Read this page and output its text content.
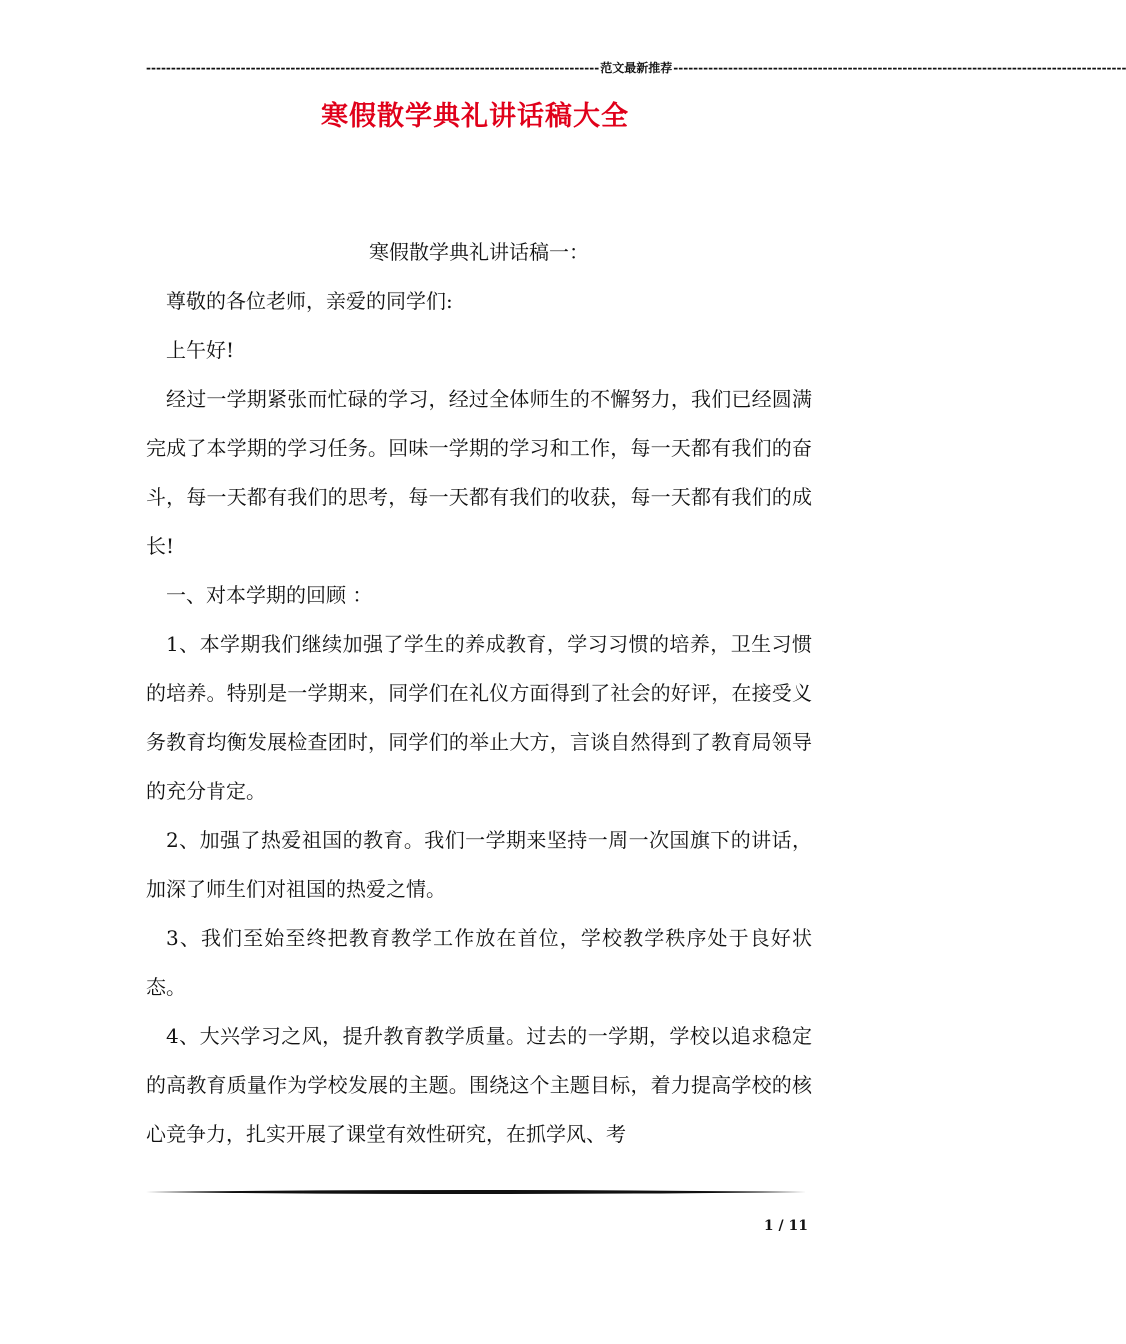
------------------------------------------------------------------------------------------- 范文最新推荐 -------------------------------------------------------------------------------------------
寒假散学典礼讲话稿大全

寒假散学典礼讲话稿一：

尊敬的各位老师，亲爱的同学们:

上午好!

经过一学期紧张而忙碌的学习，经过全体师生的不懈努力，我们已经圆满完成了本学期的学习任务。回味一学期的学习和工作，每一天都有我们的奋斗，每一天都有我们的思考，每一天都有我们的收获，每一天都有我们的成长!

一、对本学期的回顾 ：

1、本学期我们继续加强了学生的养成教育，学习习惯的培养，卫生习惯的培养。特别是一学期来，同学们在礼仪方面得到了社会的好评，在接受义务教育均衡发展检查团时，同学们的举止大方，言谈自然得到了教育局领导的充分肯定。

2、加强了热爱祖国的教育。我们一学期来坚持一周一次国旗下的讲话，加深了师生们对祖国的热爱之情。

3、我们至始至终把教育教学工作放在首位，学校教学秩序处于良好状态。

4、大兴学习之风，提升教育教学质量。过去的一学期，学校以追求稳定的高教育质量作为学校发展的主题。围绕这个主题目标，着力提高学校的核心竞争力，扎实开展了课堂有效性研究，在抓学风、考

1 / 11
